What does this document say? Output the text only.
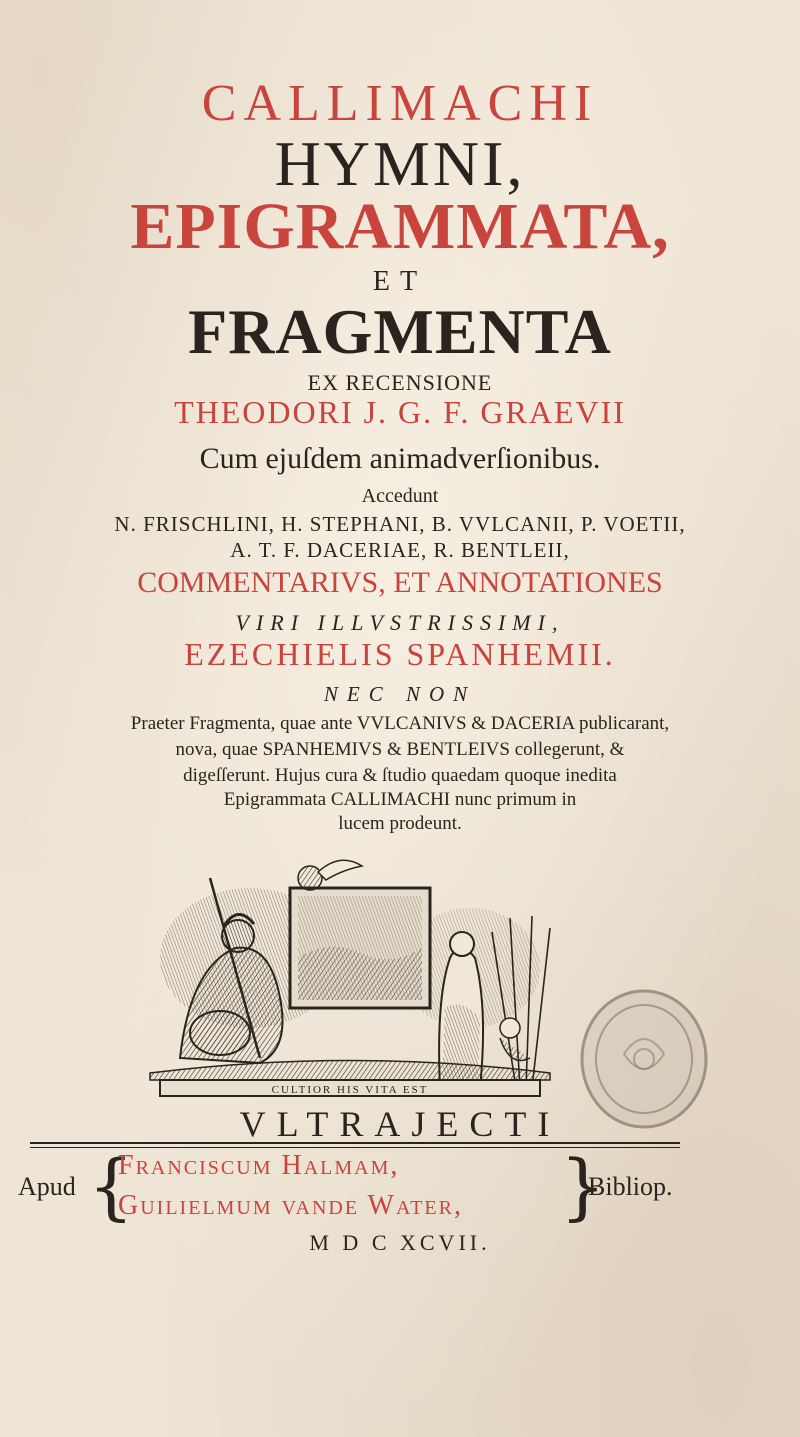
CALLIMACHI
HYMNI,
EPIGRAMMATA,
ET
FRAGMENTA
EX RECENSIONE
THEODORI J. G. F. GRAEVII
Cum ejuſdem animadverſionibus.
Accedunt
N. FRISCHLINI, H. STEPHANI, B. VVLCANII, P. VOETII,
A. T. F. DACERIAE, R. BENTLEII,
COMMENTARIVS, ET ANNOTATIONES
VIRI ILLVSTRISSIMI,
EZECHIELIS SPANHEMII.
NEC NON
Praeter Fragmenta, quae ante VVLCANIVS & DACERIA publicarant,
nova, quae SPANHEMIVS & BENTLEIVS collegerunt, &
digeſſerunt. Hujus cura & ſtudio quaedam quoque inedita
Epigrammata CALLIMACHI nunc primum in
lucem prodeunt.
CULTIOR HIS VITA EST
VLTRAJECTI
Apud {
Franciscum Halmam,
Guilielmum vande Water, }
Bibliop.
M D C XCVII.
